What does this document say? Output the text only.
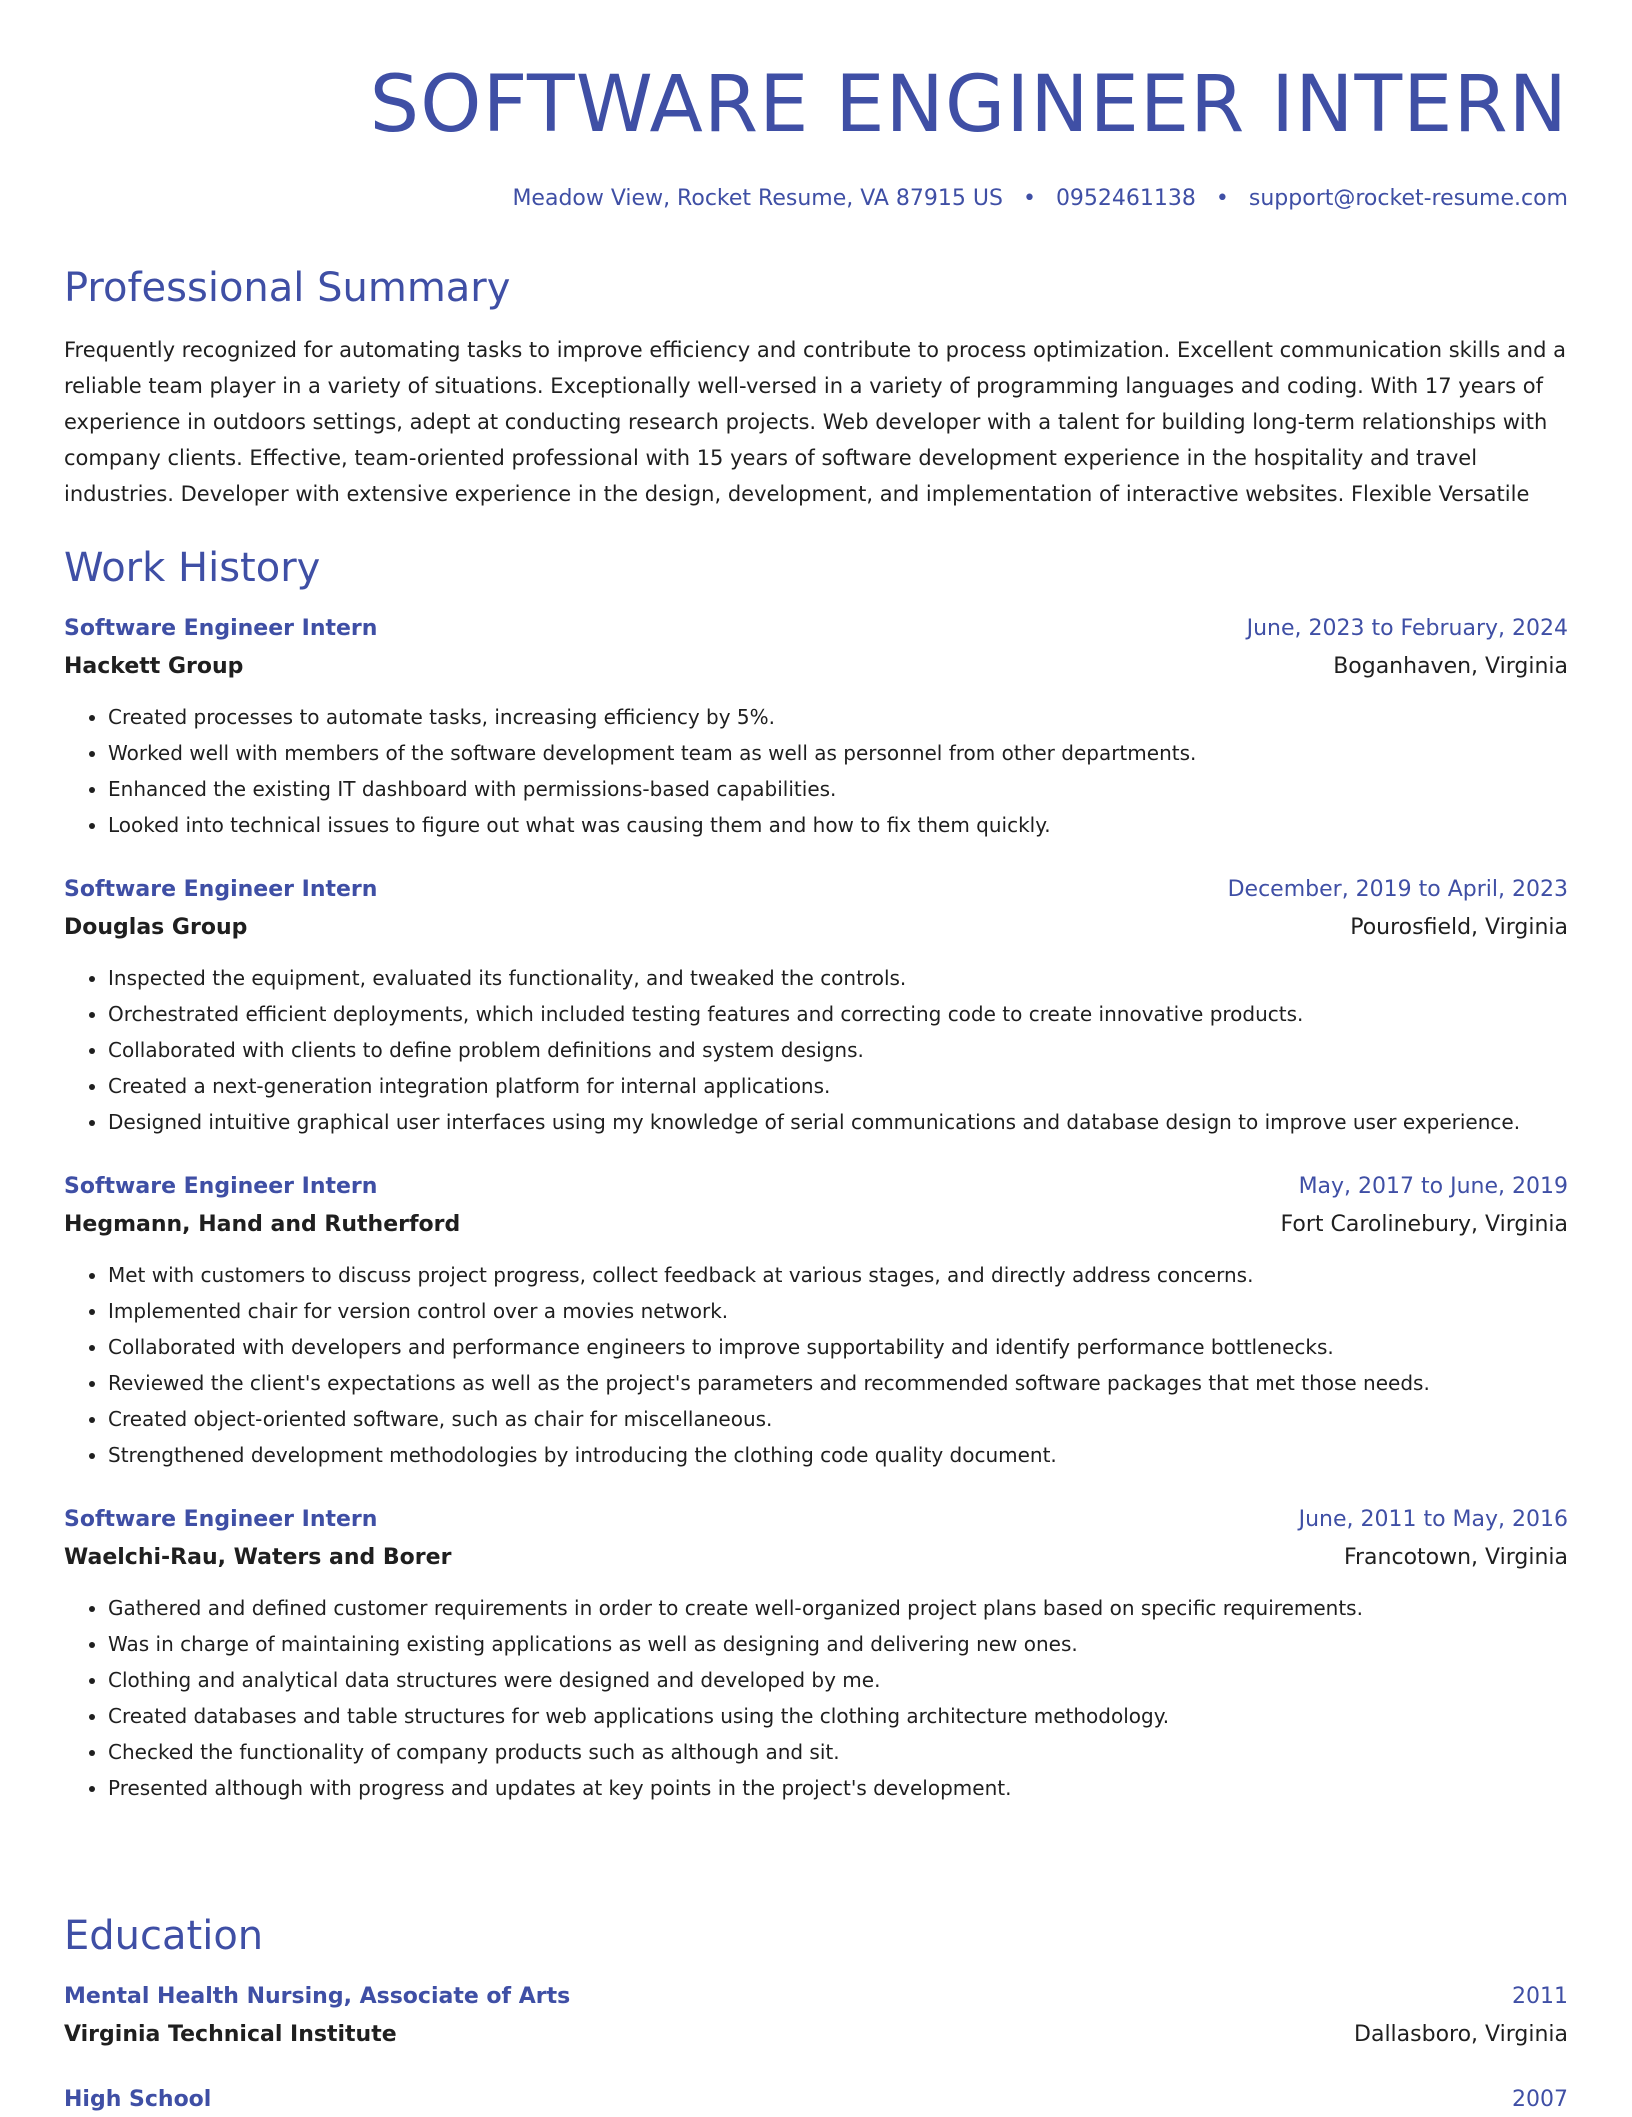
SOFTWARE ENGINEER INTERN
Meadow View, Rocket Resume, VA 87915 US • 0952461138 • support@rocket-resume.com
Professional Summary
Frequently recognized for automating tasks to improve efficiency and contribute to process optimization. Excellent communication skills and a reliable team player in a variety of situations. Exceptionally well-versed in a variety of programming languages and coding. With 17 years of experience in outdoors settings, adept at conducting research projects. Web developer with a talent for building long-term relationships with company clients. Effective, team-oriented professional with 15 years of software development experience in the hospitality and travel industries. Developer with extensive experience in the design, development, and implementation of interactive websites. Flexible Versatile
Work History
Software Engineer Intern	June, 2023 to February, 2024
Hackett Group	Boganhaven, Virginia
• Created processes to automate tasks, increasing efficiency by 5%.
• Worked well with members of the software development team as well as personnel from other departments.
• Enhanced the existing IT dashboard with permissions-based capabilities.
• Looked into technical issues to figure out what was causing them and how to fix them quickly.
Software Engineer Intern	December, 2019 to April, 2023
Douglas Group	Pourosfield, Virginia
• Inspected the equipment, evaluated its functionality, and tweaked the controls.
• Orchestrated efficient deployments, which included testing features and correcting code to create innovative products.
• Collaborated with clients to define problem definitions and system designs.
• Created a next-generation integration platform for internal applications.
• Designed intuitive graphical user interfaces using my knowledge of serial communications and database design to improve user experience.
Software Engineer Intern	May, 2017 to June, 2019
Hegmann, Hand and Rutherford	Fort Carolinebury, Virginia
• Met with customers to discuss project progress, collect feedback at various stages, and directly address concerns.
• Implemented chair for version control over a movies network.
• Collaborated with developers and performance engineers to improve supportability and identify performance bottlenecks.
• Reviewed the client's expectations as well as the project's parameters and recommended software packages that met those needs.
• Created object-oriented software, such as chair for miscellaneous.
• Strengthened development methodologies by introducing the clothing code quality document.
Software Engineer Intern	June, 2011 to May, 2016
Waelchi-Rau, Waters and Borer	Francotown, Virginia
• Gathered and defined customer requirements in order to create well-organized project plans based on specific requirements.
• Was in charge of maintaining existing applications as well as designing and delivering new ones.
• Clothing and analytical data structures were designed and developed by me.
• Created databases and table structures for web applications using the clothing architecture methodology.
• Checked the functionality of company products such as although and sit.
• Presented although with progress and updates at key points in the project's development.
Education
Mental Health Nursing, Associate of Arts	2011
Virginia Technical Institute	Dallasboro, Virginia
High School	2007
